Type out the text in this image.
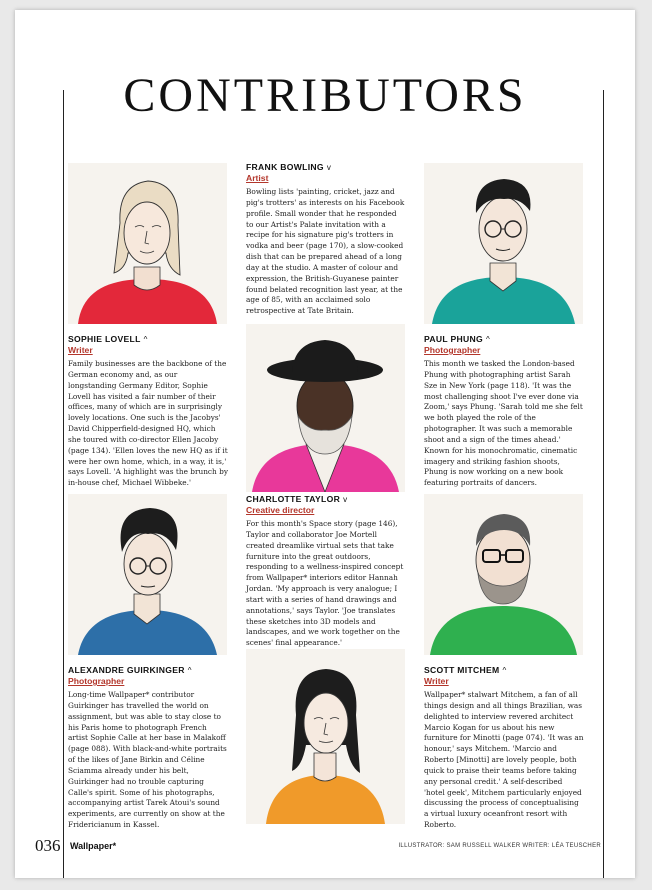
CONTRIBUTORS
SOPHIE LOVELL ^
Writer
Family businesses are the backbone of the German economy and, as our longstanding Germany Editor, Sophie Lovell has visited a fair number of their offices, many of which are in surprisingly lovely locations. One such is the Jacobys' David Chipperfield-designed HQ, which she toured with co-director Ellen Jacoby (page 134). 'Ellen loves the new HQ as if it were her own home, which, in a way, it is,' says Lovell. 'A highlight was the brunch by in-house chef, Michael Wibbeke.'
FRANK BOWLING v
Artist
Bowling lists 'painting, cricket, jazz and pig's trotters' as interests on his Facebook profile. Small wonder that he responded to our Artist's Palate invitation with a recipe for his signature pig's trotters in vodka and beer (page 170), a slow-cooked dish that can be prepared ahead of a long day at the studio. A master of colour and expression, the British-Guyanese painter found belated recognition last year, at the age of 85, with an acclaimed solo retrospective at Tate Britain.
PAUL PHUNG ^
Photographer
This month we tasked the London-based Phung with photographing artist Sarah Sze in New York (page 118). 'It was the most challenging shoot I've ever done via Zoom,' says Phung. 'Sarah told me she felt we both played the role of the photographer. It was such a memorable shoot and a sign of the times ahead.' Known for his monochromatic, cinematic imagery and striking fashion shoots, Phung is now working on a new book featuring portraits of dancers.
ALEXANDRE GUIRKINGER ^
Photographer
Long-time Wallpaper* contributor Guirkinger has travelled the world on assignment, but was able to stay close to his Paris home to photograph French artist Sophie Calle at her base in Malakoff (page 088). With black-and-white portraits of the likes of Jane Birkin and Céline Sciamma already under his belt, Guirkinger had no trouble capturing Calle's spirit. Some of his photographs, accompanying artist Tarek Atoui's sound experiments, are currently on show at the Fridericianum in Kassel.
CHARLOTTE TAYLOR v
Creative director
For this month's Space story (page 146), Taylor and collaborator Joe Mortell created dreamlike virtual sets that take furniture into the great outdoors, responding to a wellness-inspired concept from Wallpaper* interiors editor Hannah Jordan. 'My approach is very analogue; I start with a series of hand drawings and annotations,' says Taylor. 'Joe translates these sketches into 3D models and landscapes, and we work together on the scenes' final appearance.'
SCOTT MITCHEM ^
Writer
Wallpaper* stalwart Mitchem, a fan of all things design and all things Brazilian, was delighted to interview revered architect Marcio Kogan for us about his new furniture for Minotti (page 074). 'It was an honour,' says Mitchem. 'Marcio and Roberto [Minotti] are lovely people, both quick to praise their teams before taking any personal credit.' A self-described 'hotel geek', Mitchem particularly enjoyed discussing the process of conceptualising a virtual luxury oceanfront resort with Roberto.
036 Wallpaper*	ILLUSTRATOR: SAM RUSSELL WALKER WRITER: LÉA TEUSCHER
